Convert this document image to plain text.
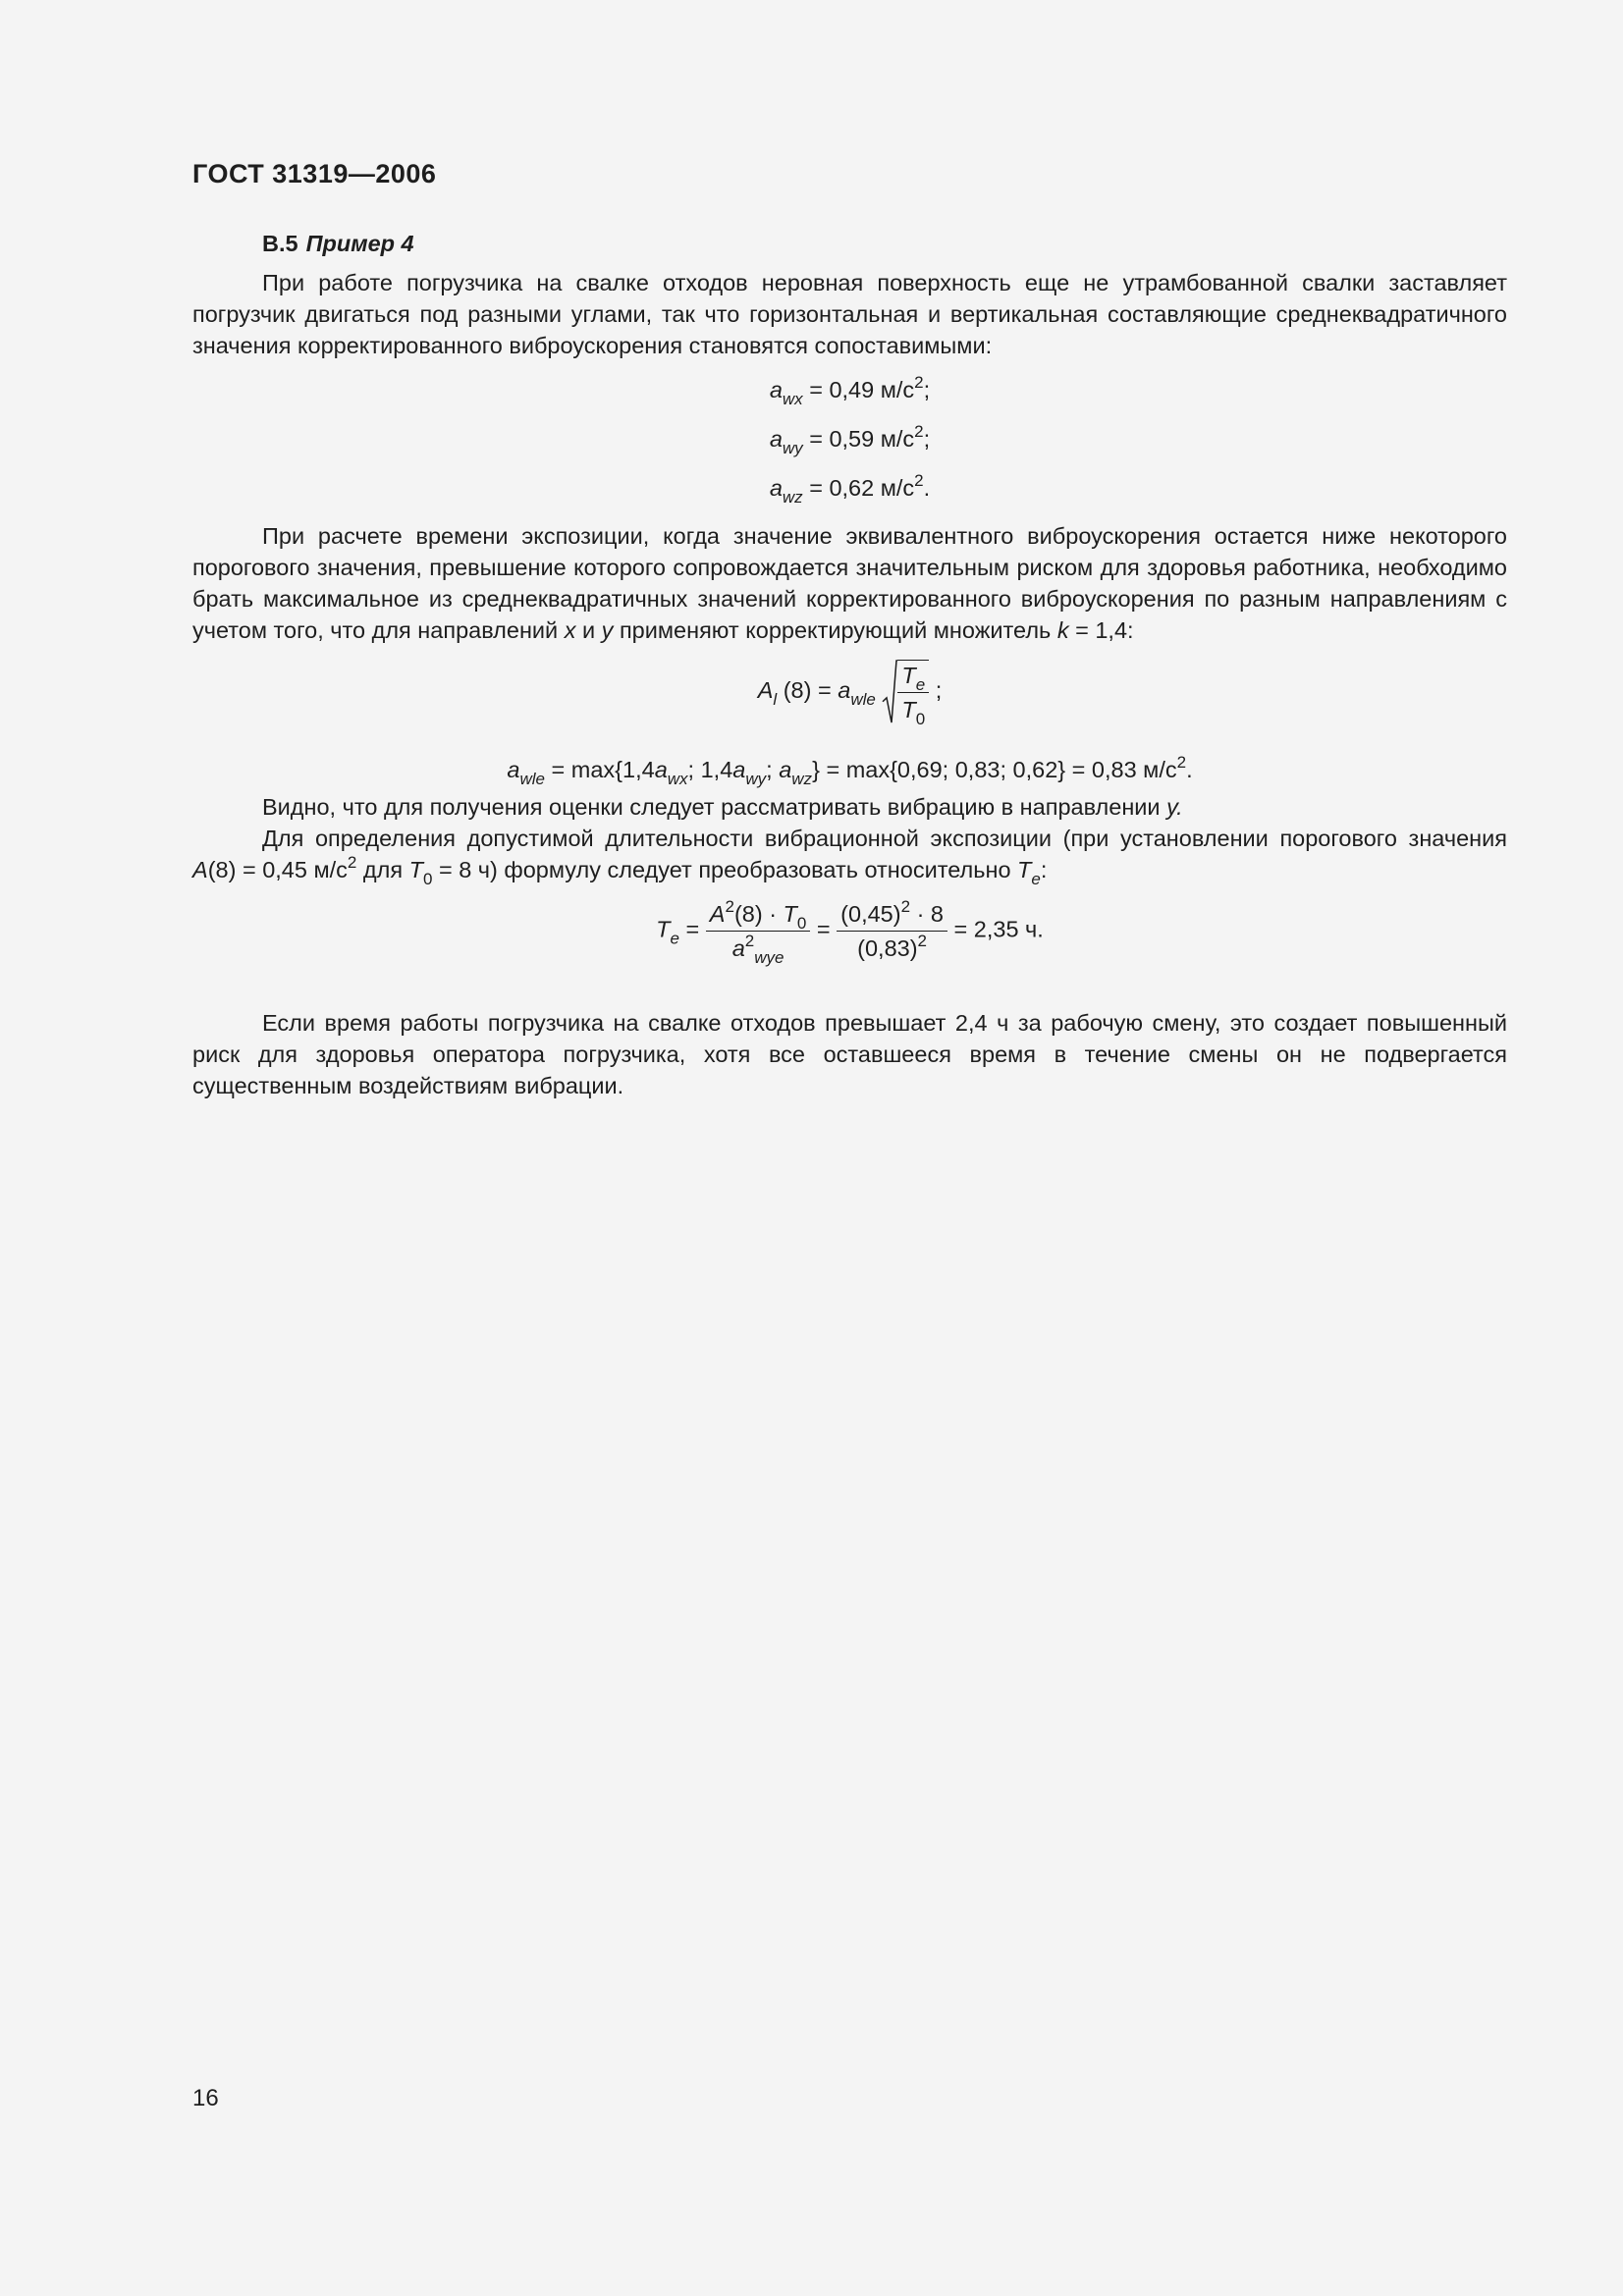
ГОСТ 31319—2006
В.5 Пример 4

При работе погрузчика на свалке отходов неровная поверхность еще не утрамбованной свалки заставляет погрузчик двигаться под разными углами, так что горизонтальная и вертикальная составляющие среднеквадратичного значения корректированного виброускорения становятся сопоставимыми:

$a_{wx} = 0,49$ $м/с^2$;
$a_{wy} = 0,59$ $м/с^2$;
$a_{wz} = 0,62$ $м/с^2$.

При расчете времени экспозиции, когда значение эквивалентного виброускорения остается ниже некоторого порогового значения, превышение которого сопровождается значительным риском для здоровья работника, необходимо брать максимальное из среднеквадратичных значений корректированного виброускорения по разным направлениям с учетом того, что для направлений x и y применяют корректирующий множитель k = 1,4:

$A_l$ $(8) = a_{wle} \frac{T_e}{T_0}$ ;
$a_{wle} = \max\{1,4a_{wx}$; $1,4a_{wy}$; $a_{wz}\} = \max\{0,69$; 0,83; 0,62} = 0,83 $м/с^2$.

Видно, что для получения оценки следует рассматривать вибрацию в направлении y.

Для определения допустимой длительности вибрационной экспозиции (при установлении порогового значения A(8) = 0,45 $м/с^2$ для $T_0 = 8$ ч) формулу следует преобразовать относительно $T_e$:

$T_e = \frac{A^2(8) \cdot T_0}{a^2_{wye}} = \frac{(0,45)^2 \cdot 8}{(0,83)^2} = 2,35$ ч.

Если время работы погрузчика на свалке отходов превышает 2,4 ч за рабочую смену, это создает повышенный риск для здоровья оператора погрузчика, хотя все оставшееся время в течение смены он не подвергается существенным воздействиям вибрации.

16
